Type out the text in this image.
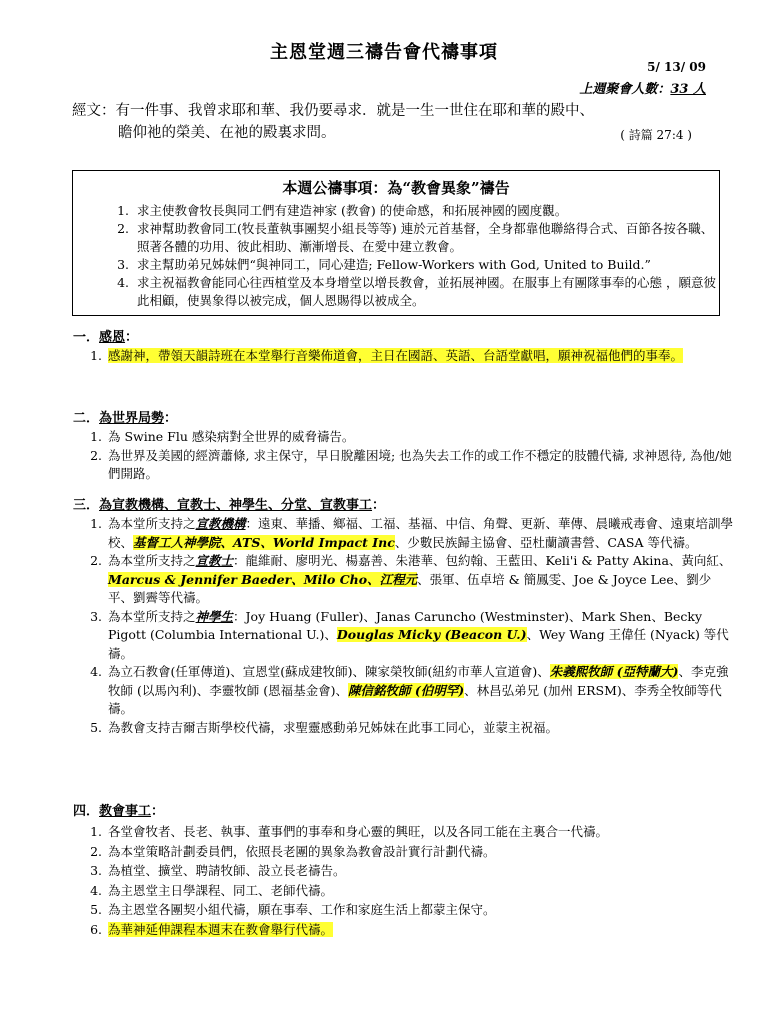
主恩堂週三禱告會代禱事項
5/ 13/ 09
上週聚會人數：33 人
經文：有一件事、我曾求耶和華、我仍要尋求．就是一生一世住在耶和華的殿中、
瞻仰祂的榮美、在祂的殿裏求問。	( 詩篇 27:4 )
本週公禱事項：為“教會異象”禱告
1. 求主使教會牧長與同工們有建造神家 (教會) 的使命感，和拓展神國的國度觀。
2. 求神幫助教會同工(牧長董執事團契小組長等等) 連於元首基督，全身都靠他聯絡得合式、百節各按各職、照著各體的功用、彼此相助、漸漸增長、在愛中建立教會。
3. 求主幫助弟兄姊妹們“與神同工，同心建造; Fellow-Workers with God, United to Build.”
4. 求主祝福教會能同心往西植堂及本身增堂以增長教會，並拓展神國。在服事上有團隊事奉的心態 ，願意彼此相顧，使異象得以被完成，個人恩賜得以被成全。
一．感恩：
1. 感謝神，帶領天韻詩班在本堂舉行音樂佈道會，主日在國語、英語、台語堂獻唱，願神祝福他們的事奉。
二．為世界局勢：
1. 為 Swine Flu 感染病對全世界的威脅禱告。
2. 為世界及美國的經濟蕭條, 求主保守，早日脫離困境; 也為失去工作的或工作不穩定的肢體代禱, 求神恩待, 為他/她們開路。
三．為宣教機構、宣教士、神學生、分堂、宣教事工：
1. 為本堂所支持之宣教機構：遠東、華播、鄉福、工福、基福、中信、角聲、更新、華傳、晨曦戒毒會、遠東培訓學校、基督工人神學院、ATS、World Impact Inc、少數民族歸主協會、亞杜蘭讀書營、CASA 等代禱。
2. 為本堂所支持之宣教士：龍維耐、廖明光、楊嘉善、朱港華、包約翰、王藍田、Keli'i & Patty Akina、黃向紅、Marcus & Jennifer Baeder、Milo Cho、江程元、張軍、伍卓培 & 簡鳳雯、Joe & Joyce Lee、劉少平、劉霽等代禱。
3. 為本堂所支持之神學生：Joy Huang (Fuller)、Janas Caruncho (Westminster)、Mark Shen、Becky Pigott (Columbia International U.)、Douglas Micky (Beacon U.)、Wey Wang 王偉任 (Nyack) 等代禱。
4. 為立石教會(任軍傳道)、宣恩堂(蘇成建牧師)、陳家榮牧師(紐約市華人宣道會)、朱義熙牧師 (亞特蘭大)、李克強牧師 (以馬內利)、李靈牧師 (恩福基金會)、陳信銘牧師 (伯明罕)、林昌弘弟兄 (加州 ERSM)、李秀全牧師等代禱。
5. 為教會支持吉爾吉斯學校代禱，求聖靈感動弟兄姊妹在此事工同心，並蒙主祝福。
四．教會事工：
1. 各堂會牧者、長老、執事、董事們的事奉和身心靈的興旺，以及各同工能在主裏合一代禱。
2. 為本堂策略計劃委員們，依照長老團的異象為教會設計實行計劃代禱。
3. 為植堂、擴堂、聘請牧師、設立長老禱告。
4. 為主恩堂主日學課程、同工、老師代禱。
5. 為主恩堂各團契小組代禱，願在事奉、工作和家庭生活上都蒙主保守。
6. 為華神延伸課程本週末在教會舉行代禱。
